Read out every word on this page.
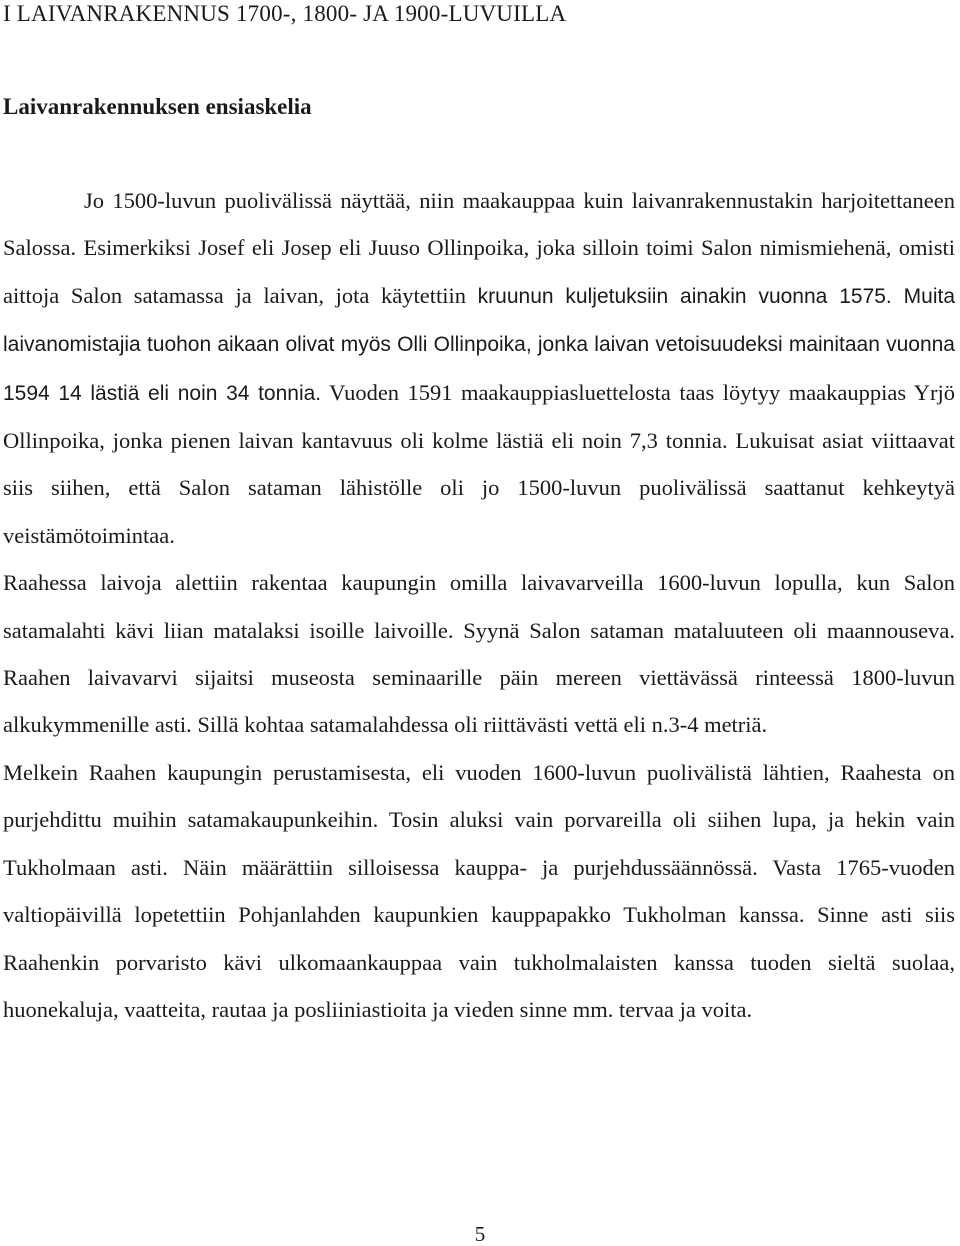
I LAIVANRAKENNUS 1700-, 1800- JA 1900-LUVUILLA
Laivanrakennuksen ensiaskelia

Jo 1500-luvun puolivälissä näyttää, niin maakauppaa kuin laivanrakennustakin harjoitettaneen Salossa. Esimerkiksi Josef eli Josep eli Juuso Ollinpoika, joka silloin toimi Salon nimismiehenä, omisti aittoja Salon satamassa ja laivan, jota käytettiin kruunun kuljetuksiin ainakin vuonna 1575. Muita laivanomistajia tuohon aikaan olivat myös Olli Ollinpoika, jonka laivan vetoisuudeksi mainitaan vuonna 1594 14 lästiä eli noin 34 tonnia. Vuoden 1591 maakauppiasluettelosta taas löytyy maakauppias Yrjö Ollinpoika, jonka pienen laivan kantavuus oli kolme lästiä eli noin 7,3 tonnia. Lukuisat asiat viittaavat siis siihen, että Salon sataman lähistölle oli jo 1500-luvun puolivälissä saattanut kehkeytyä veistämötoimintaa.

Raahessa laivoja alettiin rakentaa kaupungin omilla laivavarveilla 1600-luvun lopulla, kun Salon satamalahti kävi liian matalaksi isoille laivoille. Syynä Salon sataman mataluuteen oli maannouseva. Raahen laivavarvi sijaitsi museosta seminaarille päin mereen viettävässä rinteessä 1800-luvun alkukymmenille asti. Sillä kohtaa satamalahdessa oli riittävästi vettä eli n.3-4 metriä.

Melkein Raahen kaupungin perustamisesta, eli vuoden 1600-luvun puolivälistä lähtien, Raahesta on purjehdittu muihin satamakaupunkeihin. Tosin aluksi vain porvareilla oli siihen lupa, ja hekin vain Tukholmaan asti. Näin määrättiin silloisessa kauppa- ja purjehdussäännössä. Vasta 1765-vuoden valtiopäivillä lopetettiin Pohjanlahden kaupunkien kauppapakko Tukholman kanssa. Sinne asti siis Raahenkin porvaristo kävi ulkomaankauppaa vain tukholmalaisten kanssa tuoden sieltä suolaa, huonekaluja, vaatteita, rautaa ja posliiniastioita ja vieden sinne mm. tervaa ja voita.

5
